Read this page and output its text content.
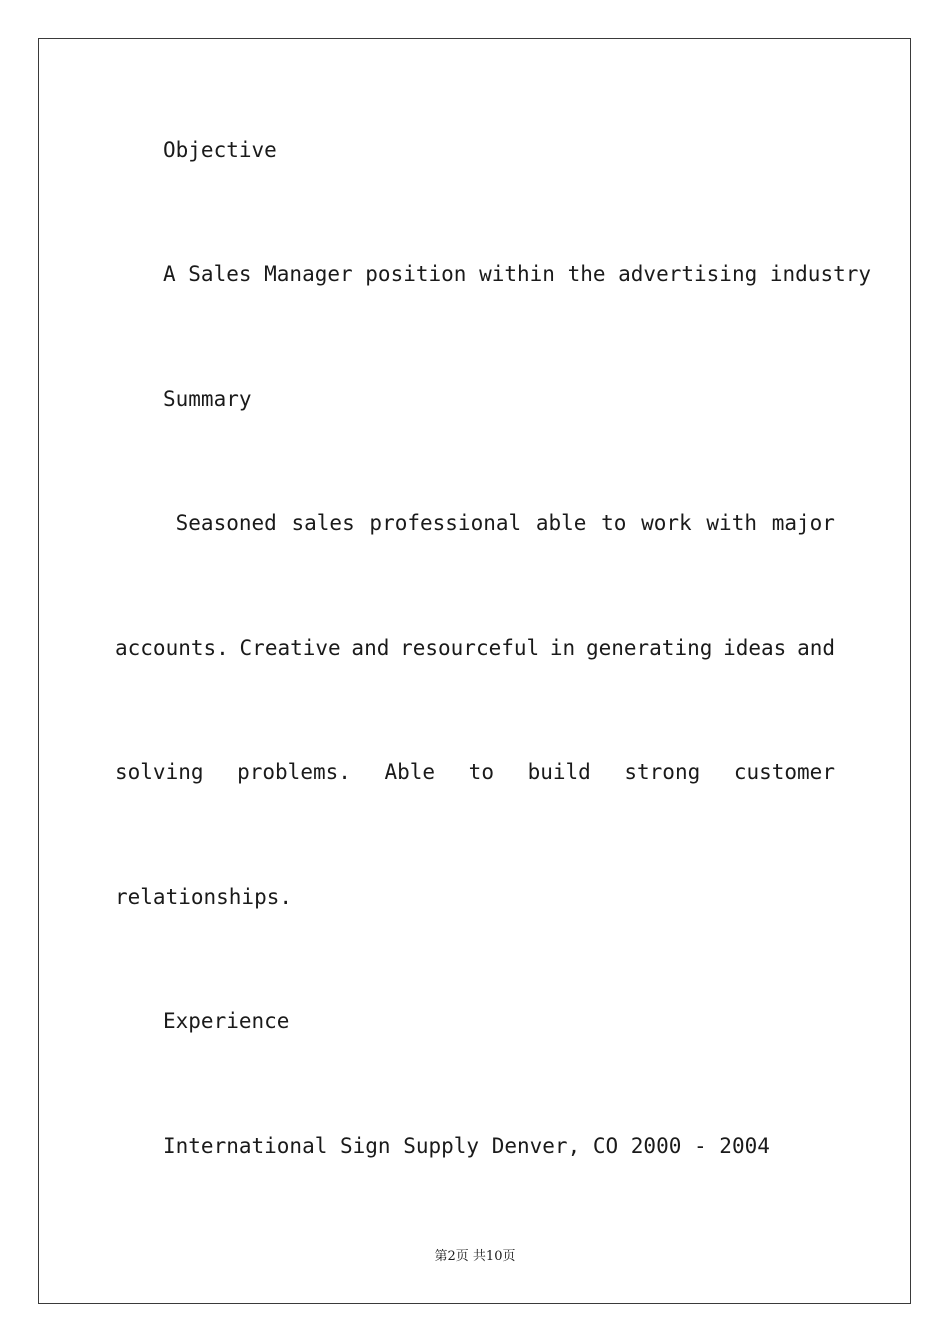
Objective
A Sales Manager position within the advertising industry
Summary
Seasoned sales professional able to work with major
accounts. Creative and resourceful in generating ideas and
solving problems. Able to build strong customer
relationships.
Experience
International Sign Supply Denver, CO 2000 - 2004
第2页 共10页
